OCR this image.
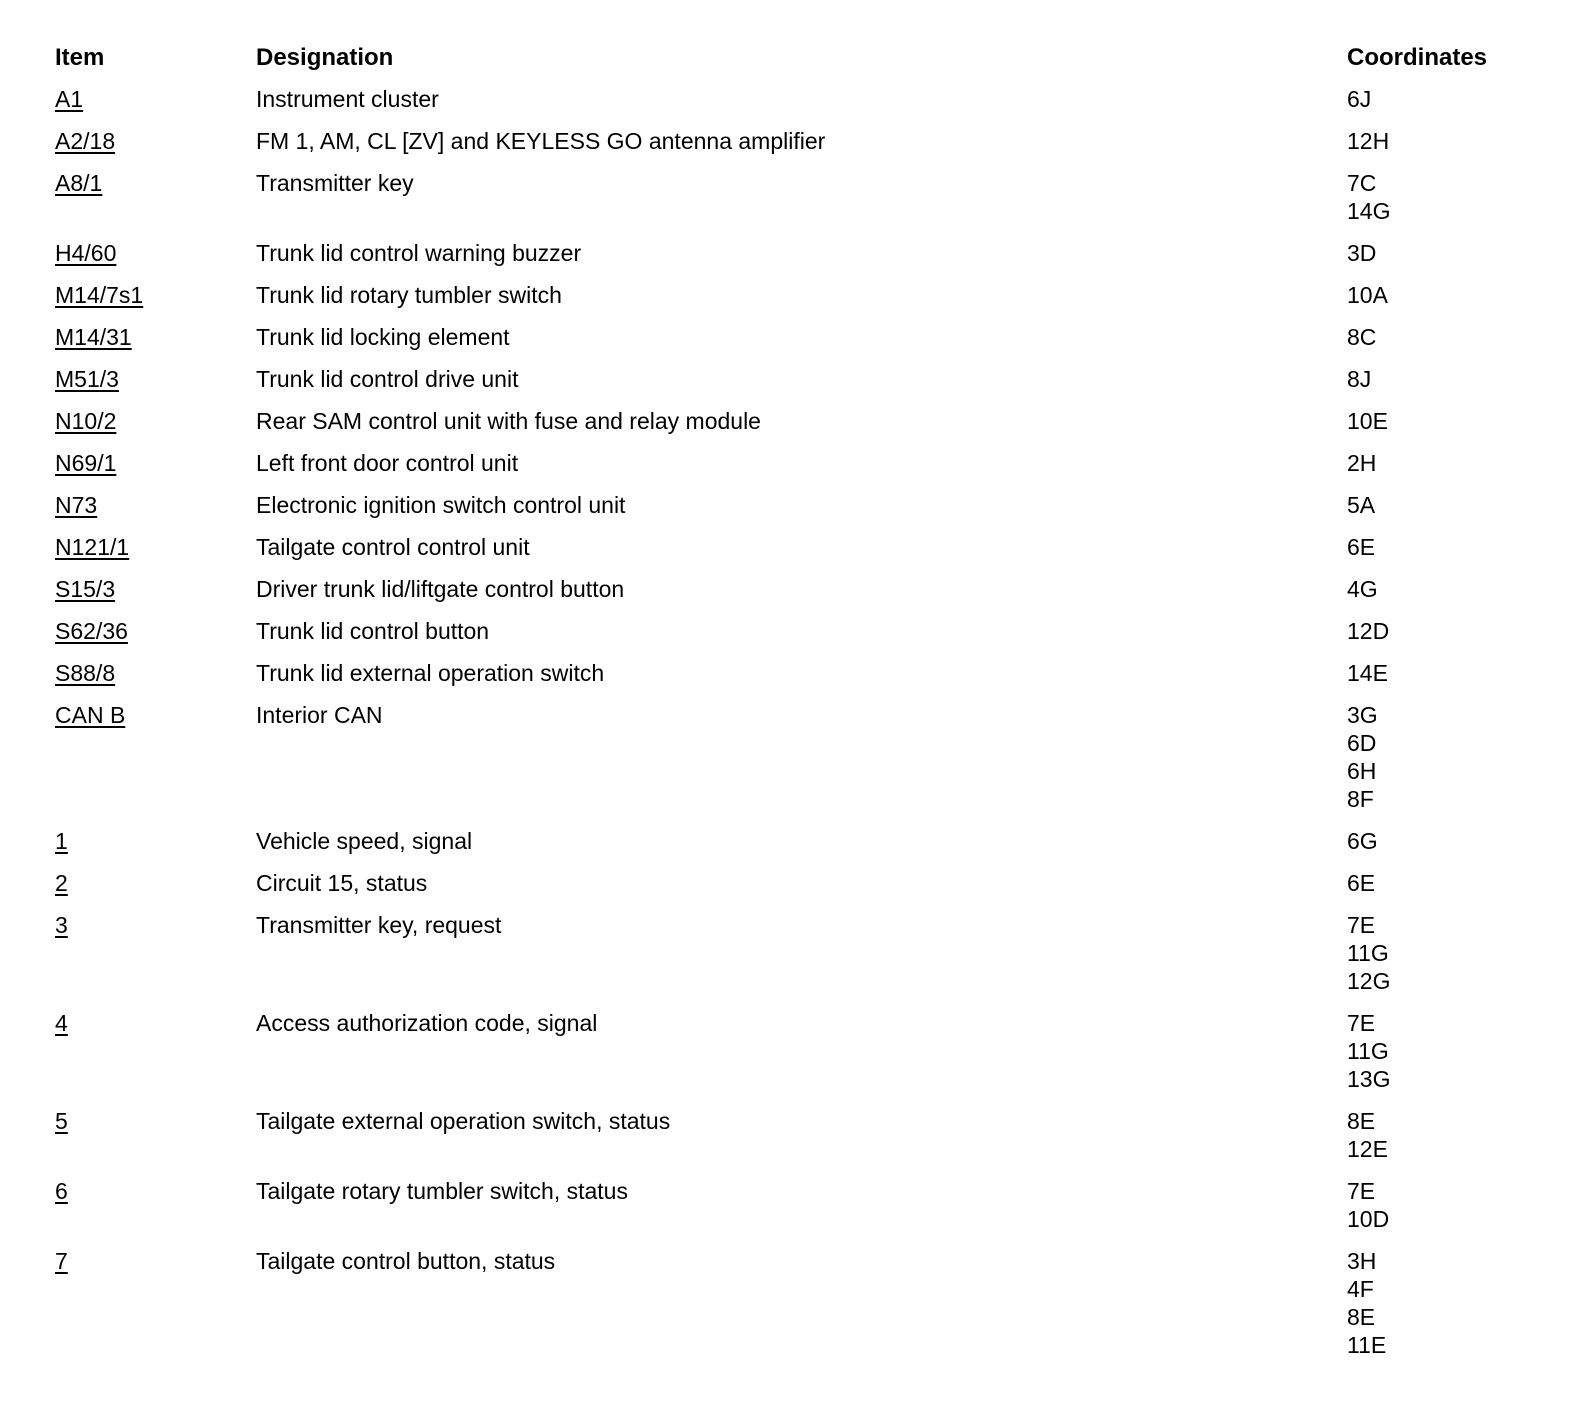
Item	Designation	Coordinates
A1	Instrument cluster	6J
A2/18	FM 1, AM, CL [ZV] and KEYLESS GO antenna amplifier	12H
A8/1	Transmitter key	7C
14G
H4/60	Trunk lid control warning buzzer	3D
M14/7s1	Trunk lid rotary tumbler switch	10A
M14/31	Trunk lid locking element	8C
M51/3	Trunk lid control drive unit	8J
N10/2	Rear SAM control unit with fuse and relay module	10E
N69/1	Left front door control unit	2H
N73	Electronic ignition switch control unit	5A
N121/1	Tailgate control control unit	6E
S15/3	Driver trunk lid/liftgate control button	4G
S62/36	Trunk lid control button	12D
S88/8	Trunk lid external operation switch	14E
CAN B	Interior CAN	3G
6D
6H
8F
1	Vehicle speed, signal	6G
2	Circuit 15, status	6E
3	Transmitter key, request	7E
11G
12G
4	Access authorization code, signal	7E
11G
13G
5	Tailgate external operation switch, status	8E
12E
6	Tailgate rotary tumbler switch, status	7E
10D
7	Tailgate control button, status	3H
4F
8E
11E
